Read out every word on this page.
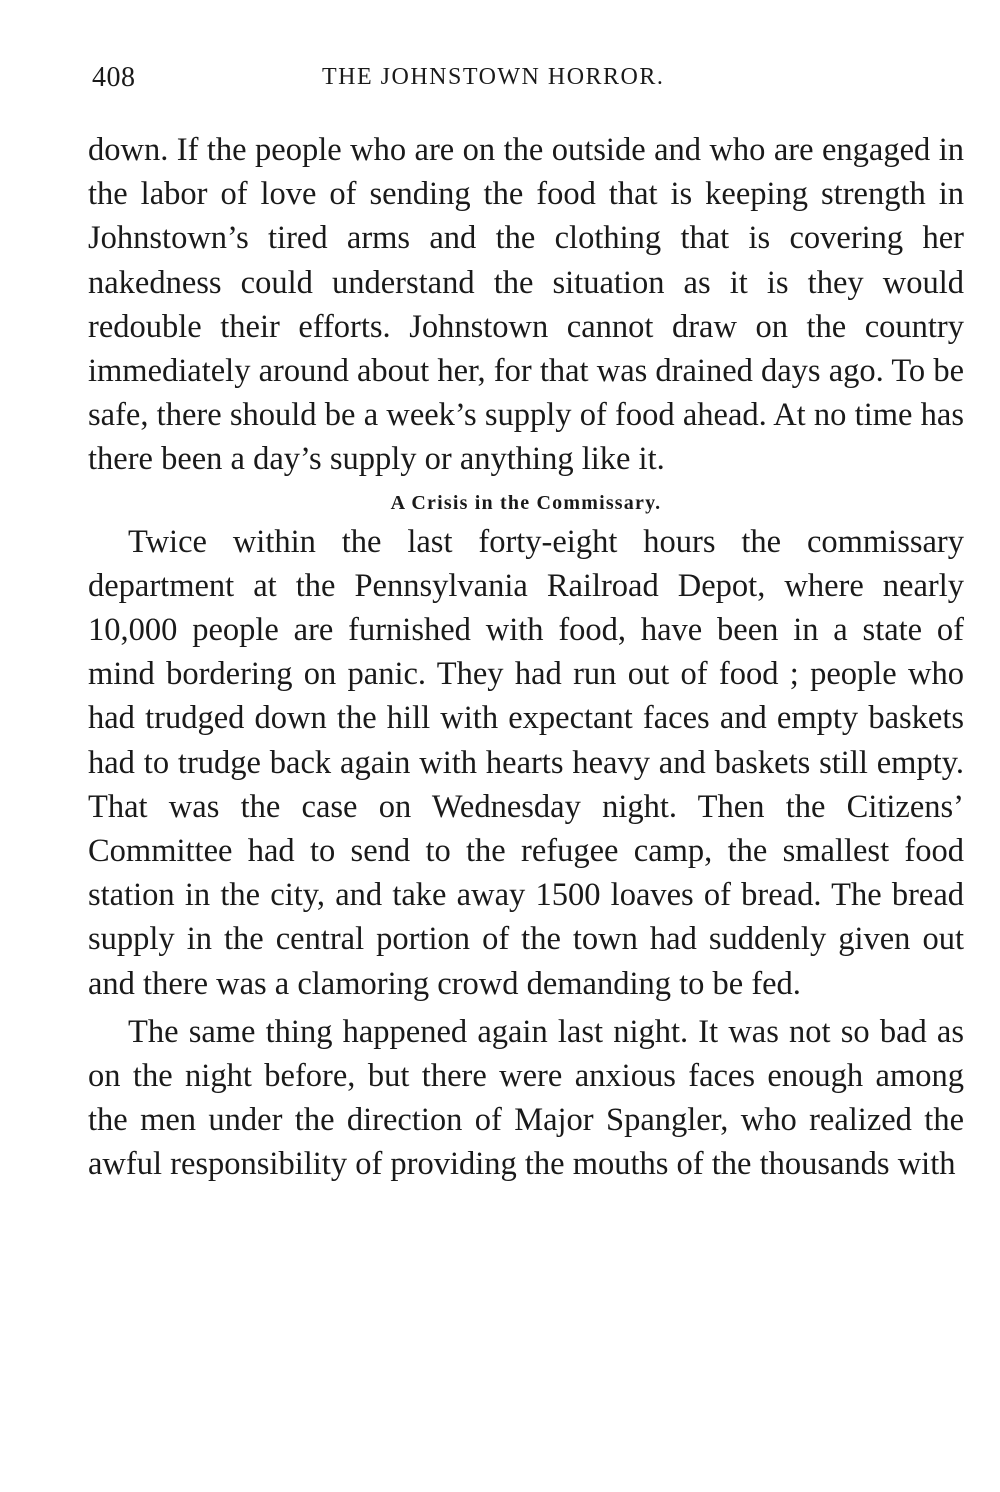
408	THE JOHNSTOWN HORROR.

down. If the people who are on the outside and who are engaged in the labor of love of sending the food that is keeping strength in Johnstown’s tired arms and the clothing that is covering her nakedness could understand the situation as it is they would redouble their efforts. Johnstown cannot draw on the country immediately around about her, for that was drained days ago. To be safe, there should be a week’s supply of food ahead. At no time has there been a day’s supply or anything like it.

A Crisis in the Commissary.

Twice within the last forty-eight hours the commissary department at the Pennsylvania Railroad Depot, where nearly 10,000 people are furnished with food, have been in a state of mind bordering on panic. They had run out of food ; people who had trudged down the hill with expectant faces and empty baskets had to trudge back again with hearts heavy and baskets still empty. That was the case on Wednesday night. Then the Citizens’ Committee had to send to the refugee camp, the smallest food station in the city, and take away 1500 loaves of bread. The bread supply in the central portion of the town had suddenly given out and there was a clamoring crowd demanding to be fed.

The same thing happened again last night. It was not so bad as on the night before, but there were anxious faces enough among the men under the direction of Major Spangler, who realized the awful responsibility of providing the mouths of the thousands with
